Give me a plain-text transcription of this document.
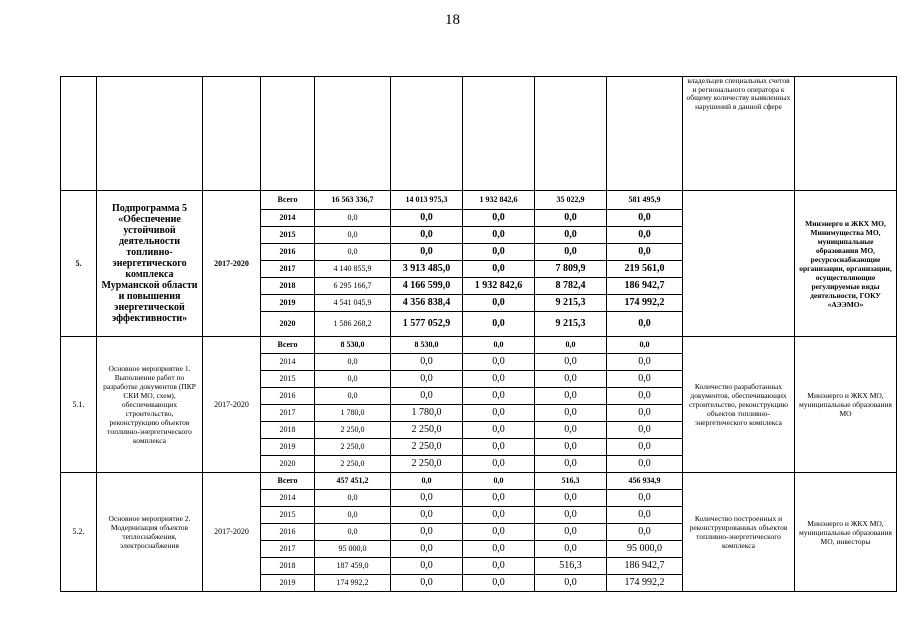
18
									владельцев специальных счетов и регионального оператора к общему количеству выявленных нарушений в данной сфере	
5.	Подпрограмма 5 «Обеспечение устойчивой деятельности топливно-энергетического комплекса Мурманской области и повышения энергетической эффективности»	2017-2020	Всего	16 563 336,7	14 013 975,3	1 932 842,6	35 022,9	581 495,9		Минэнерго и ЖКХ МО, Минимущества МО, муниципальные образования МО, ресурсоснабжающие организации, организации, осуществляющие регулируемые виды деятельности, ГОКУ «АЭЭМО»
			2014	0,0	0,0	0,0	0,0	0,0		
			2015	0,0	0,0	0,0	0,0	0,0		
			2016	0,0	0,0	0,0	0,0	0,0		
			2017	4 140 855,9	3 913 485,0	0,0	7 809,9	219 561,0		
			2018	6 295 166,7	4 166 599,0	1 932 842,6	8 782,4	186 942,7		
			2019	4 541 045,9	4 356 838,4	0,0	9 215,3	174 992,2		
			2020	1 586 268,2	1 577 052,9	0,0	9 215,3	0,0		
5.1.	Основное мероприятие 1. Выполнение работ по разработке документов (ПКР СКИ МО, схем), обеспечивающих строительство, реконструкцию объектов топливно-энергетического комплекса	2017-2020	Всего	8 530,0	8 530,0	0,0	0,0	0,0	Количество разработанных документов, обеспечивающих строительство, реконструкцию объектов топливно-энергетического комплекса	Минэнерго и ЖКХ МО, муниципальные образования МО
			2014	0,0	0,0	0,0	0,0	0,0		
			2015	0,0	0,0	0,0	0,0	0,0		
			2016	0,0	0,0	0,0	0,0	0,0		
			2017	1 780,0	1 780,0	0,0	0,0	0,0		
			2018	2 250,0	2 250,0	0,0	0,0	0,0		
			2019	2 250,0	2 250,0	0,0	0,0	0,0		
			2020	2 250,0	2 250,0	0,0	0,0	0,0		
5.2.	Основное мероприятие 2. Модернизация объектов теплоснабжения, электроснабжения	2017-2020	Всего	457 451,2	0,0	0,0	516,3	456 934,9	Количество построенных и реконструированных объектов топливно-энергетического комплекса	Минэнерго и ЖКХ МО, муниципальные образования МО, инвесторы
			2014	0,0	0,0	0,0	0,0	0,0		
			2015	0,0	0,0	0,0	0,0	0,0		
			2016	0,0	0,0	0,0	0,0	0,0		
			2017	95 000,0	0,0	0,0	0,0	95 000,0		
			2018	187 459,0	0,0	0,0	516,3	186 942,7		
			2019	174 992,2	0,0	0,0	0,0	174 992,2		
